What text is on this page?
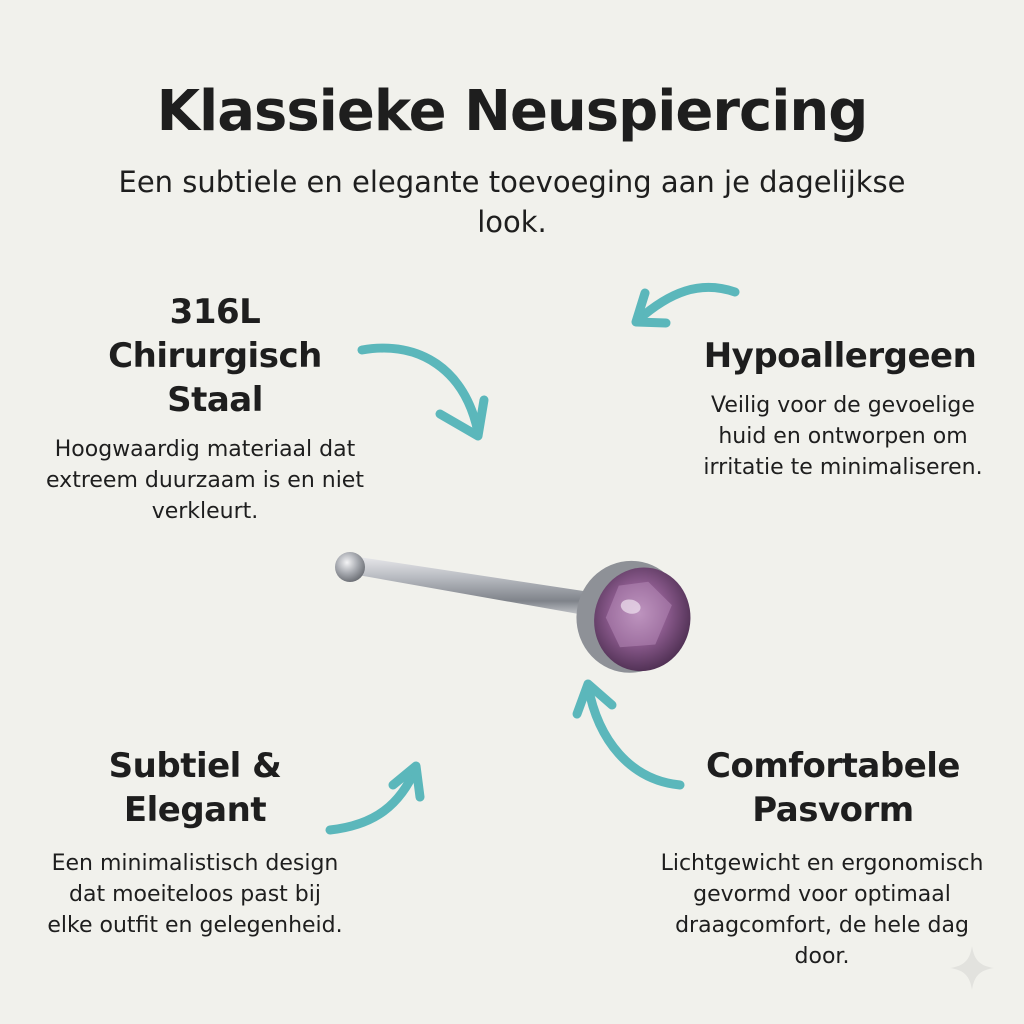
Klassieke Neuspiercing

Een subtiele en elegante toevoeging aan je dagelijkse look.

316L Chirurgisch Staal

Hoogwaardig materiaal dat extreem duurzaam is en niet verkleurt.

Hypoallergeen

Veilig voor de gevoelige huid en ontworpen om irritatie te minimaliseren.

Subtiel & Elegant

Een minimalistisch design dat moeiteloos past bij elke outfit en gelegenheid.

Comfortabele Pasvorm

Lichtgewicht en ergonomisch gevormd voor optimaal draagcomfort, de hele dag door.
